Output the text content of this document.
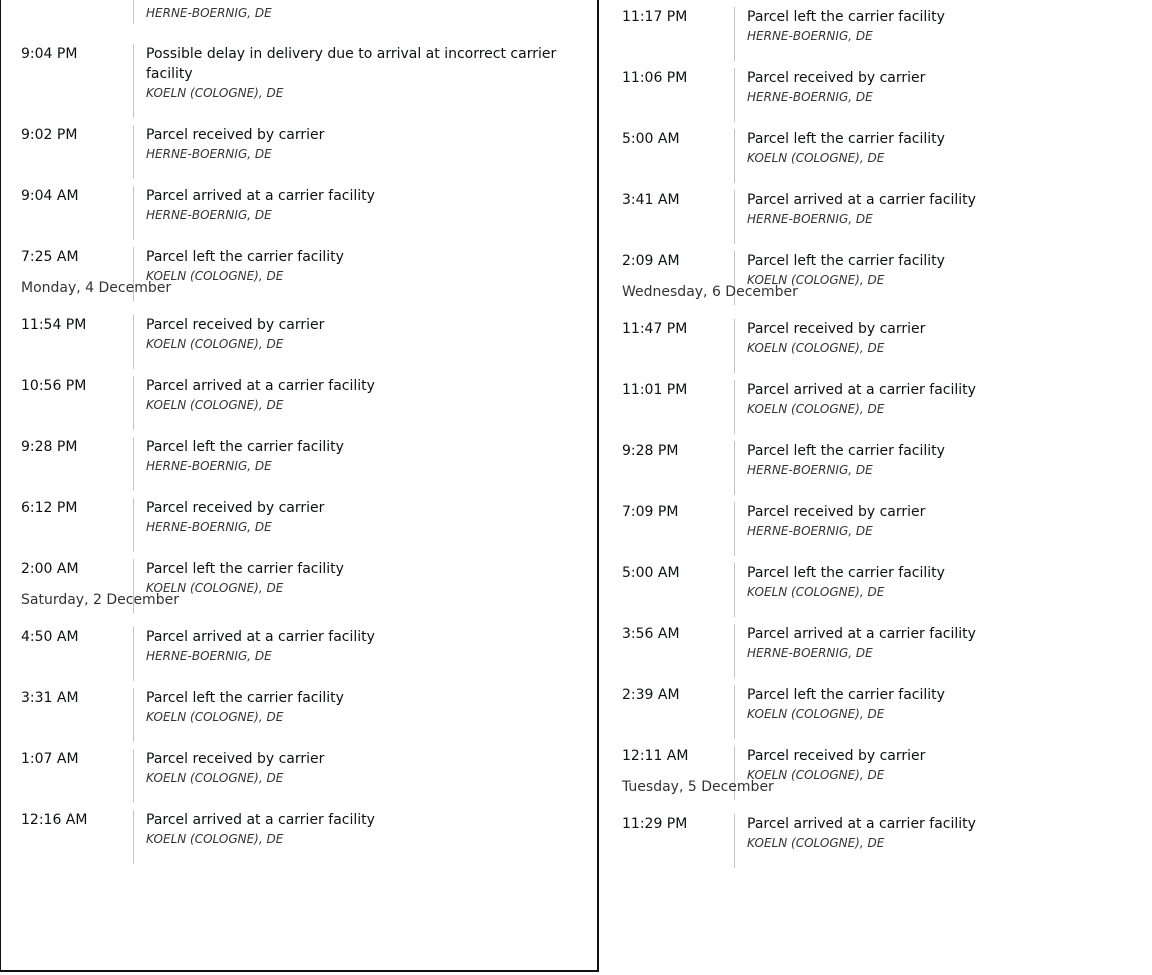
HERNE-BOERNIG, DE
9:04 PM	Possible delay in delivery due to arrival at incorrect carrier facility
KOELN (COLOGNE), DE
9:02 PM	Parcel received by carrier
HERNE-BOERNIG, DE
9:04 AM	Parcel arrived at a carrier facility
HERNE-BOERNIG, DE
7:25 AM	Parcel left the carrier facility
KOELN (COLOGNE), DE
Monday, 4 December
11:54 PM	Parcel received by carrier
KOELN (COLOGNE), DE
10:56 PM	Parcel arrived at a carrier facility
KOELN (COLOGNE), DE
9:28 PM	Parcel left the carrier facility
HERNE-BOERNIG, DE
6:12 PM	Parcel received by carrier
HERNE-BOERNIG, DE
2:00 AM	Parcel left the carrier facility
KOELN (COLOGNE), DE
Saturday, 2 December
4:50 AM	Parcel arrived at a carrier facility
HERNE-BOERNIG, DE
3:31 AM	Parcel left the carrier facility
KOELN (COLOGNE), DE
1:07 AM	Parcel received by carrier
KOELN (COLOGNE), DE
12:16 AM	Parcel arrived at a carrier facility
KOELN (COLOGNE), DE
11:17 PM	Parcel left the carrier facility
HERNE-BOERNIG, DE
11:06 PM	Parcel received by carrier
HERNE-BOERNIG, DE
5:00 AM	Parcel left the carrier facility
KOELN (COLOGNE), DE
3:41 AM	Parcel arrived at a carrier facility
HERNE-BOERNIG, DE
2:09 AM	Parcel left the carrier facility
KOELN (COLOGNE), DE
Wednesday, 6 December
11:47 PM	Parcel received by carrier
KOELN (COLOGNE), DE
11:01 PM	Parcel arrived at a carrier facility
KOELN (COLOGNE), DE
9:28 PM	Parcel left the carrier facility
HERNE-BOERNIG, DE
7:09 PM	Parcel received by carrier
HERNE-BOERNIG, DE
5:00 AM	Parcel left the carrier facility
KOELN (COLOGNE), DE
3:56 AM	Parcel arrived at a carrier facility
HERNE-BOERNIG, DE
2:39 AM	Parcel left the carrier facility
KOELN (COLOGNE), DE
12:11 AM	Parcel received by carrier
KOELN (COLOGNE), DE
Tuesday, 5 December
11:29 PM	Parcel arrived at a carrier facility
KOELN (COLOGNE), DE
